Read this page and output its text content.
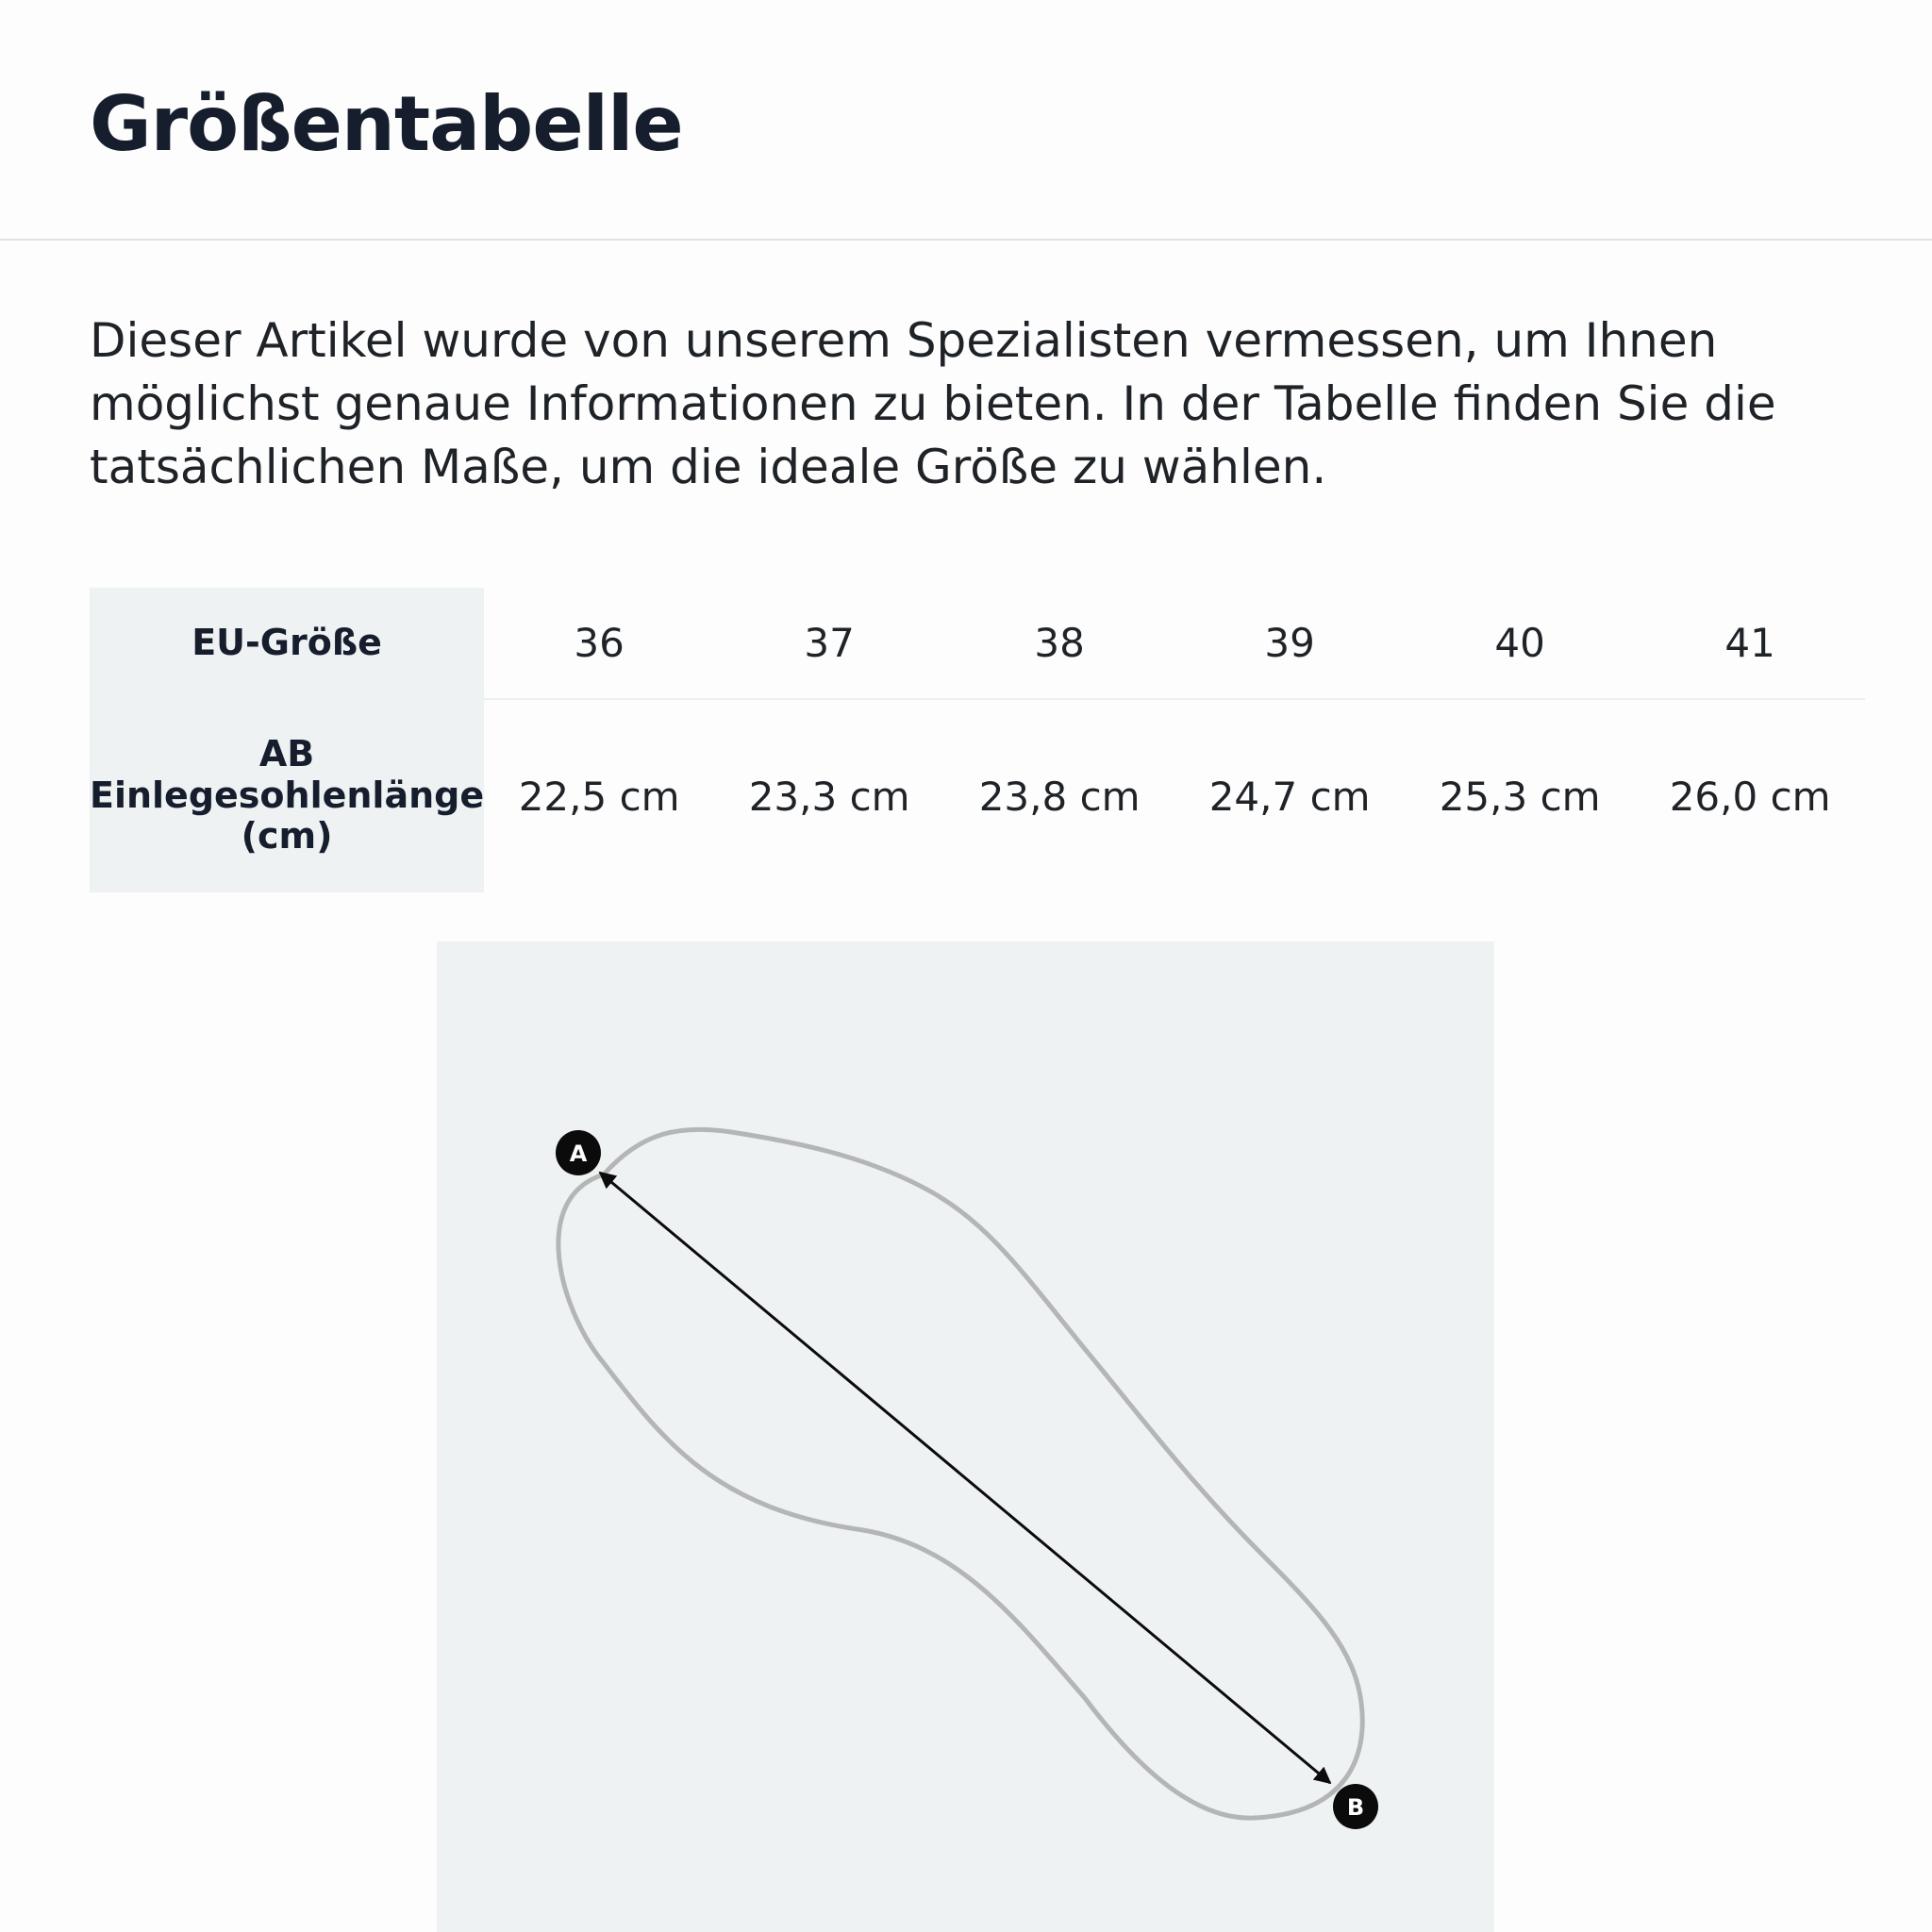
Größentabelle

Dieser Artikel wurde von unserem Spezialisten vermessen, um Ihnen möglichst genaue Informationen zu bieten. In der Tabelle finden Sie die tatsächlichen Maße, um die ideale Größe zu wählen.

EU-Größe	36	37	38	39	40	41
AB
Einlegesohlenlänge
(cm)	22,5 cm	23,3 cm	23,8 cm	24,7 cm	25,3 cm	26,0 cm
A
B
